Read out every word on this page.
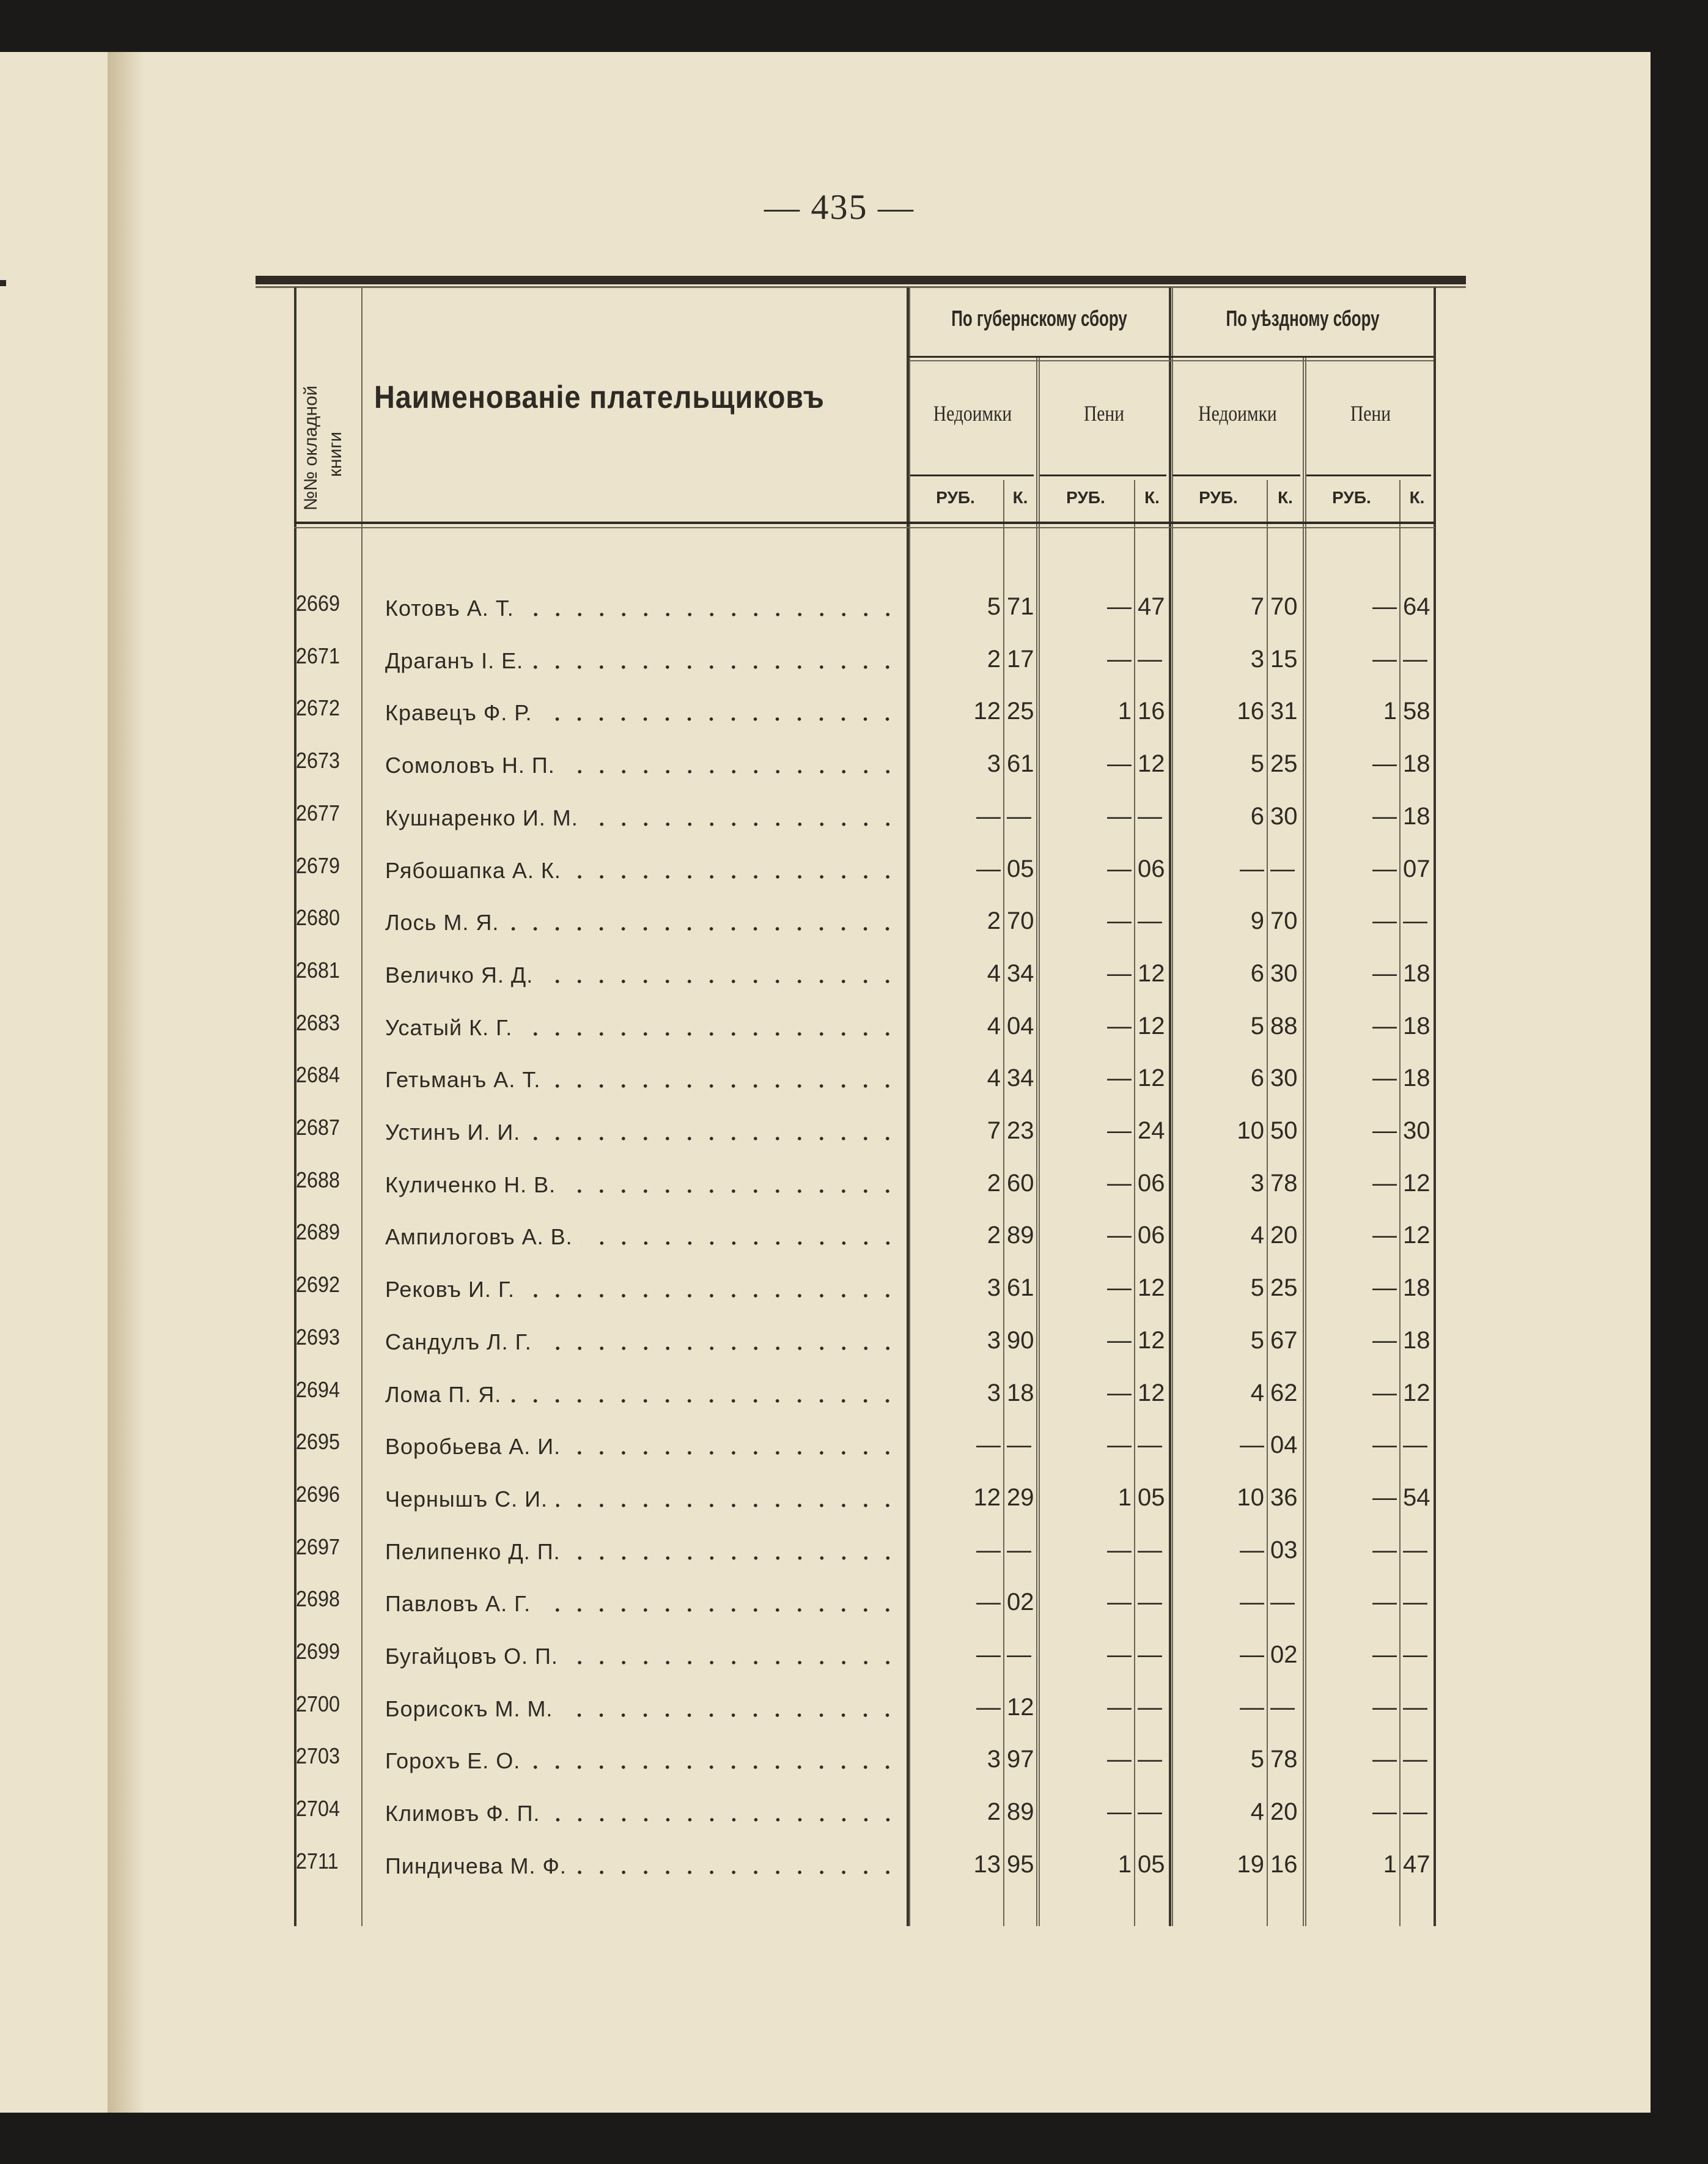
— 435 —
№№ окладной книги
Наименованіе плательщиковъ
По губернскому сбору	По уѣздному сбору
Недоимки	Пени	Недоимки	Пени
РУБ.	К.	РУБ.	К.	РУБ.	К.	РУБ.	К.
2669	Котовъ А. Т.	5 71	— 47	7 70	— 64
2671	Драганъ І. Е.	2 17	— —	3 15	— —
2672	Кравецъ Ф. Р.	12 25	1 16	16 31	1 58
2673	Сомоловъ Н. П.	3 61	— 12	5 25	— 18
2677	Кушнаренко И. М.	— —	— —	6 30	— 18
2679	Рябошапка А. К.	— 05	— 06	— —	— 07
2680	Лось М. Я.	2 70	— —	9 70	— —
2681	Величко Я. Д.	4 34	— 12	6 30	— 18
2683	Усатый К. Г.	4 04	— 12	5 88	— 18
2684	Гетьманъ А. Т.	4 34	— 12	6 30	— 18
2687	Устинъ И. И.	7 23	— 24	10 50	— 30
2688	Куличенко Н. В.	2 60	— 06	3 78	— 12
2689	Ампилоговъ А. В.	2 89	— 06	4 20	— 12
2692	Рековъ И. Г.	3 61	— 12	5 25	— 18
2693	Сандулъ Л. Г.	3 90	— 12	5 67	— 18
2694	Лома П. Я.	3 18	— 12	4 62	— 12
2695	Воробьева А. И.	— —	— —	— 04	— —
2696	Чернышъ С. И.	12 29	1 05	10 36	— 54
2697	Пелипенко Д. П.	— —	— —	— 03	— —
2698	Павловъ А. Г.	— 02	— —	— —	— —
2699	Бугайцовъ О. П.	— —	— —	— 02	— —
2700	Борисокъ М. М.	— 12	— —	— —	— —
2703	Горохъ Е. О.	3 97	— —	5 78	— —
2704	Климовъ Ф. П.	2 89	— —	4 20	— —
2711	Пиндичева М. Ф.	13 95	1 05	19 16	1 47
